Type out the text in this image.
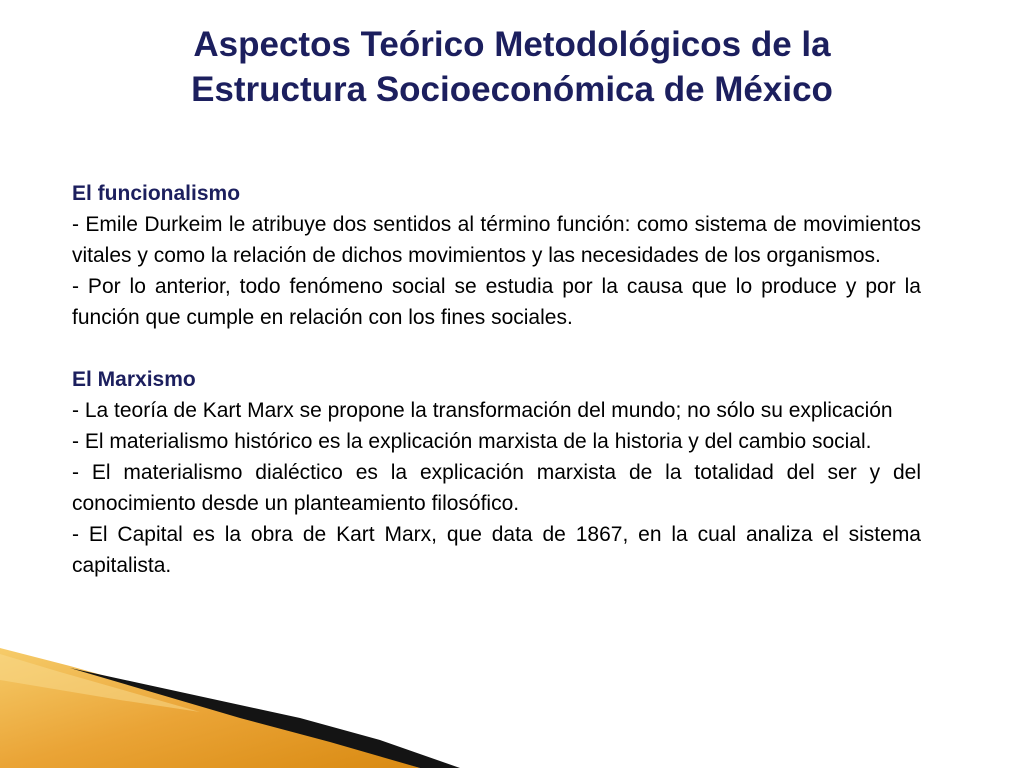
Aspectos Teórico Metodológicos de la
Estructura Socioeconómica de México

El funcionalismo

- Emile Durkeim le atribuye dos sentidos al término función: como sistema de movimientos vitales y como la relación de dichos movimientos y las necesidades de los organismos.

- Por lo anterior, todo fenómeno social se estudia por la causa que lo produce y por la función que cumple en relación con los fines sociales.

El Marxismo

- La teoría de Kart Marx se propone la transformación del mundo; no sólo su explicación

- El materialismo histórico es la explicación marxista de la historia y del cambio social.

- El materialismo dialéctico es la explicación marxista de la totalidad del ser y del conocimiento desde un planteamiento filosófico.

- El Capital es la obra de Kart Marx, que data de 1867, en la cual analiza el sistema capitalista.
